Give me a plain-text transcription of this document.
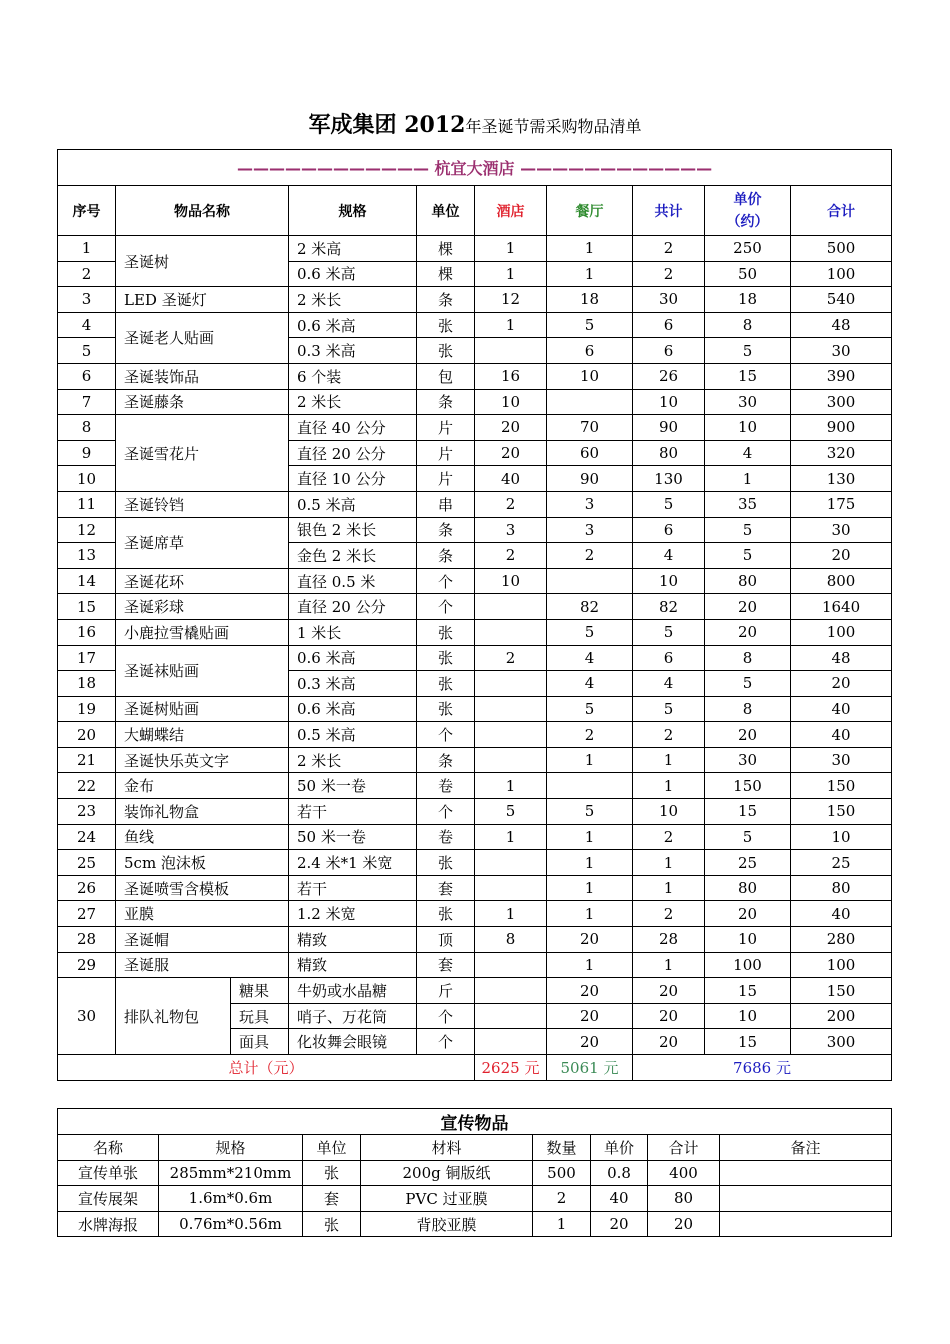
军成集团 2012年圣诞节需采购物品清单
———————————— 杭宜大酒店 ————————————									
序号	物品名称		规格	单位	酒店	餐厅	共计	单价（约）	合计
1	圣诞树		2 米高	棵	1	1	2	250	500
2			0.6 米高	棵	1	1	2	50	100
3	LED 圣诞灯		2 米长	条	12	18	30	18	540
4	圣诞老人贴画		0.6 米高	张	1	5	6	8	48
5			0.3 米高	张		6	6	5	30
6	圣诞装饰品		6 个装	包	16	10	26	15	390
7	圣诞藤条		2 米长	条	10		10	30	300
8	圣诞雪花片		直径 40 公分	片	20	70	90	10	900
9			直径 20 公分	片	20	60	80	4	320
10			直径 10 公分	片	40	90	130	1	130
11	圣诞铃铛		0.5 米高	串	2	3	5	35	175
12	圣诞席草		银色 2 米长	条	3	3	6	5	30
13			金色 2 米长	条	2	2	4	5	20
14	圣诞花环		直径 0.5 米	个	10		10	80	800
15	圣诞彩球		直径 20 公分	个		82	82	20	1640
16	小鹿拉雪橇贴画		1 米长	张		5	5	20	100
17	圣诞袜贴画		0.6 米高	张	2	4	6	8	48
18			0.3 米高	张		4	4	5	20
19	圣诞树贴画		0.6 米高	张		5	5	8	40
20	大蝴蝶结		0.5 米高	个		2	2	20	40
21	圣诞快乐英文字		2 米长	条		1	1	30	30
22	金布		50 米一卷	卷	1		1	150	150
23	装饰礼物盒		若干	个	5	5	10	15	150
24	鱼线		50 米一卷	卷	1	1	2	5	10
25	5cm 泡沫板		2.4 米*1 米宽	张		1	1	25	25
26	圣诞喷雪含模板		若干	套		1	1	80	80
27	亚膜		1.2 米宽	张	1	1	2	20	40
28	圣诞帽		精致	顶	8	20	28	10	280
29	圣诞服		精致	套		1	1	100	100
30	排队礼物包	糖果	牛奶或水晶糖	斤		20	20	15	150
		玩具	哨子、万花筒	个		20	20	10	200
		面具	化妆舞会眼镜	个		20	20	15	300
总计（元）					2625 元	5061 元	7686 元		
宣传物品							
名称	规格	单位	材料	数量	单价	合计	备注
宣传单张	285mm*210mm	张	200g 铜版纸	500	0.8	400	
宣传展架	1.6m*0.6m	套	PVC 过亚膜	2	40	80	
水牌海报	0.76m*0.56m	张	背胶亚膜	1	20	20	
